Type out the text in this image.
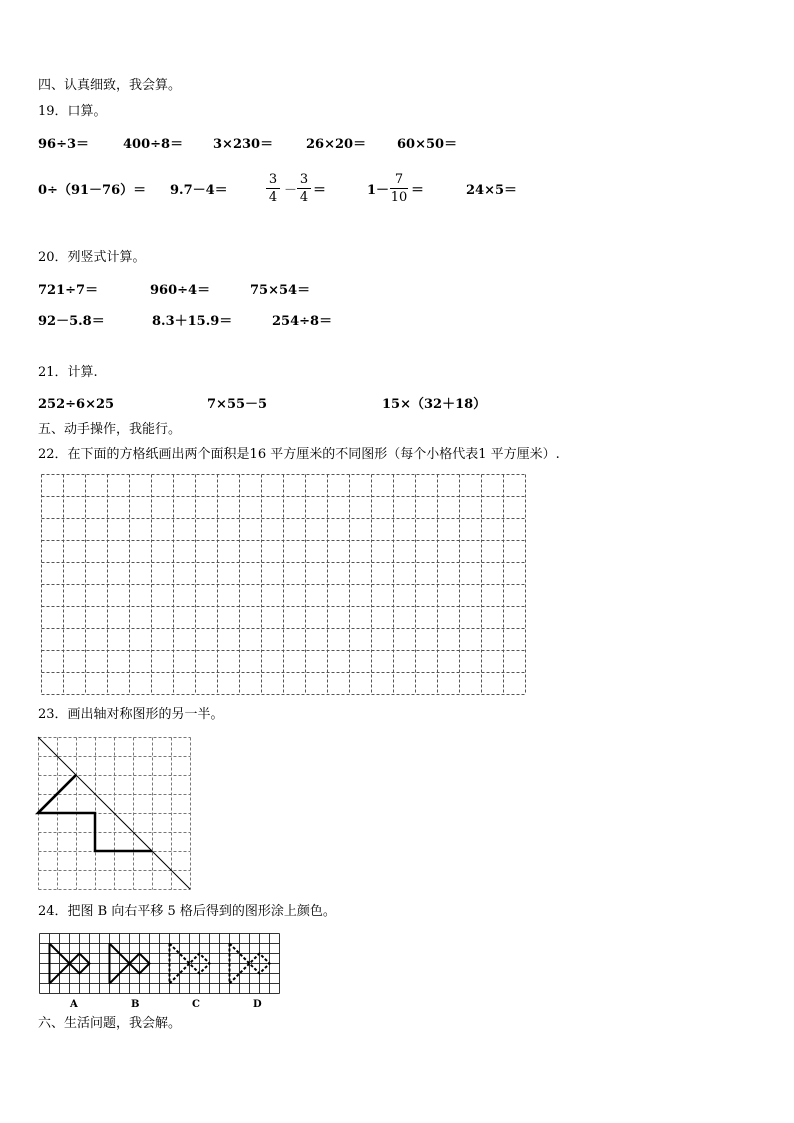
四、认真细致，我会算。
19．口算。
96÷3＝	400÷8＝ 3×230＝	26×20＝ 60×50＝
0÷（91－76）＝ 9.7－4＝
3
4 －
3
4 ＝	1－
7
10 ＝	24×5＝
20．列竖式计算。
721÷7＝	960÷4＝	75×54＝
92－5.8＝	8.3＋15.9＝	254÷8＝
21．计算.
252÷6×25	7×55－5	15×（32＋18）
五、动手操作，我能行。
22．在下面的方格纸画出两个面积是16 平方厘米的不同图形（每个小格代表1 平方厘米）.
23．画出轴对称图形的另一半。
24．把图 B 向右平移 5 格后得到的图形涂上颜色。
A	B	C	D
六、生活问题，我会解。
